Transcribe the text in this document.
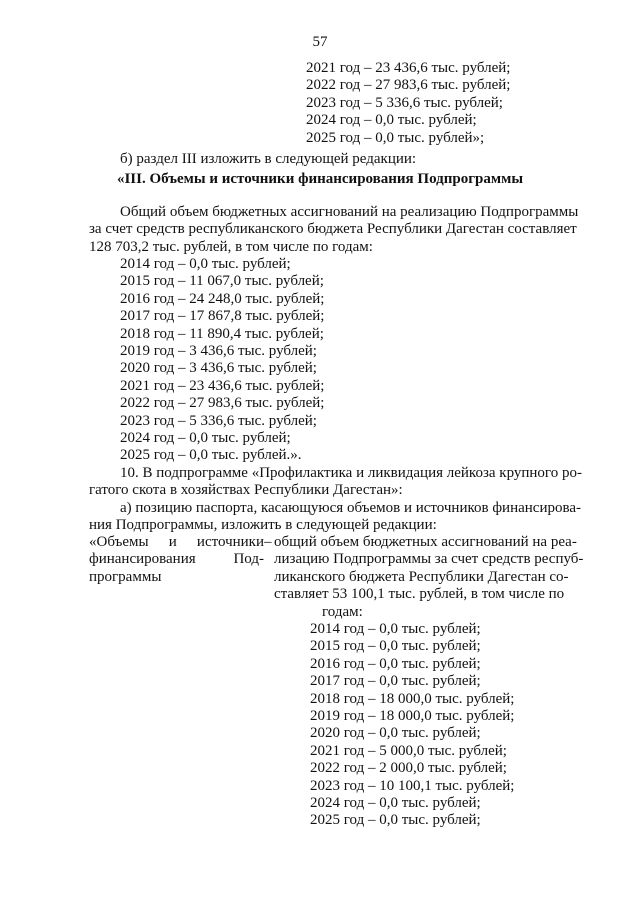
57
2021 год – 23 436,6 тыс. рублей;
2022 год – 27 983,6 тыс. рублей;
2023 год – 5 336,6 тыс. рублей;
2024 год – 0,0 тыс. рублей;
2025 год – 0,0 тыс. рублей»;
б) раздел III изложить в следующей редакции:
«III. Объемы и источники финансирования Подпрограммы
Общий объем бюджетных ассигнований на реализацию Подпрограммы
за счет средств республиканского бюджета Республики Дагестан составляет
128 703,2 тыс. рублей, в том числе по годам:
2014 год – 0,0 тыс. рублей;
2015 год – 11 067,0 тыс. рублей;
2016 год – 24 248,0 тыс. рублей;
2017 год – 17 867,8 тыс. рублей;
2018 год – 11 890,4 тыс. рублей;
2019 год – 3 436,6 тыс. рублей;
2020 год – 3 436,6 тыс. рублей;
2021 год – 23 436,6 тыс. рублей;
2022 год – 27 983,6 тыс. рублей;
2023 год – 5 336,6 тыс. рублей;
2024 год – 0,0 тыс. рублей;
2025 год – 0,0 тыс. рублей.».
10. В подпрограмме «Профилактика и ликвидация лейкоза крупного ро-
гатого скота в хозяйствах Республики Дагестан»:
а) позицию паспорта, касающуюся объемов и источников финансирова-
ния Подпрограммы, изложить в следующей редакции:
«Объемы и источники
финансирования	Под-
программы
– общий объем бюджетных ассигнований на реа-
лизацию Подпрограммы за счет средств респуб-
ликанского бюджета Республики Дагестан со-
ставляет 53 100,1 тыс. рублей, в том числе по
годам:
2014 год – 0,0 тыс. рублей;
2015 год – 0,0 тыс. рублей;
2016 год – 0,0 тыс. рублей;
2017 год – 0,0 тыс. рублей;
2018 год – 18 000,0 тыс. рублей;
2019 год – 18 000,0 тыс. рублей;
2020 год – 0,0 тыс. рублей;
2021 год – 5 000,0 тыс. рублей;
2022 год – 2 000,0 тыс. рублей;
2023 год – 10 100,1 тыс. рублей;
2024 год – 0,0 тыс. рублей;
2025 год – 0,0 тыс. рублей;
